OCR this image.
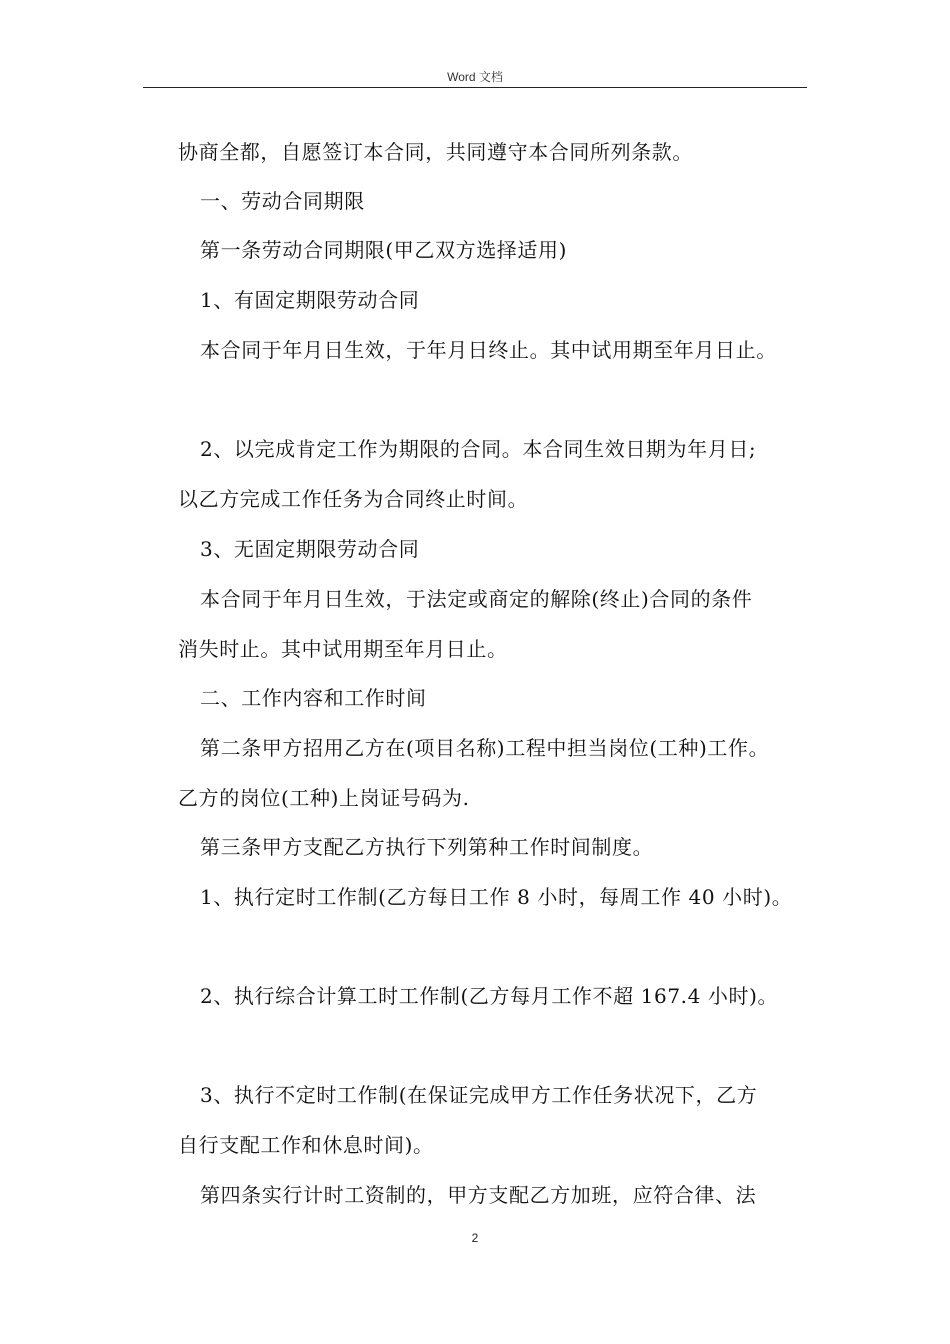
Word 文档
协商全都，自愿签订本合同，共同遵守本合同所列条款。
一、劳动合同期限
第一条劳动合同期限(甲乙双方选择适用)
1、有固定期限劳动合同
本合同于年月日生效，于年月日终止。其中试用期至年月日止。
2、以完成肯定工作为期限的合同。本合同生效日期为年月日;
以乙方完成工作任务为合同终止时间。
3、无固定期限劳动合同
本合同于年月日生效，于法定或商定的解除(终止)合同的条件
消失时止。其中试用期至年月日止。
二、工作内容和工作时间
第二条甲方招用乙方在(项目名称)工程中担当岗位(工种)工作。
乙方的岗位(工种)上岗证号码为.
第三条甲方支配乙方执行下列第种工作时间制度。
1、执行定时工作制(乙方每日工作 8 小时，每周工作 40 小时)。
2、执行综合计算工时工作制(乙方每月工作不超 167.4 小时)。
3、执行不定时工作制(在保证完成甲方工作任务状况下，乙方
自行支配工作和休息时间)。
第四条实行计时工资制的，甲方支配乙方加班，应符合律、法
2
